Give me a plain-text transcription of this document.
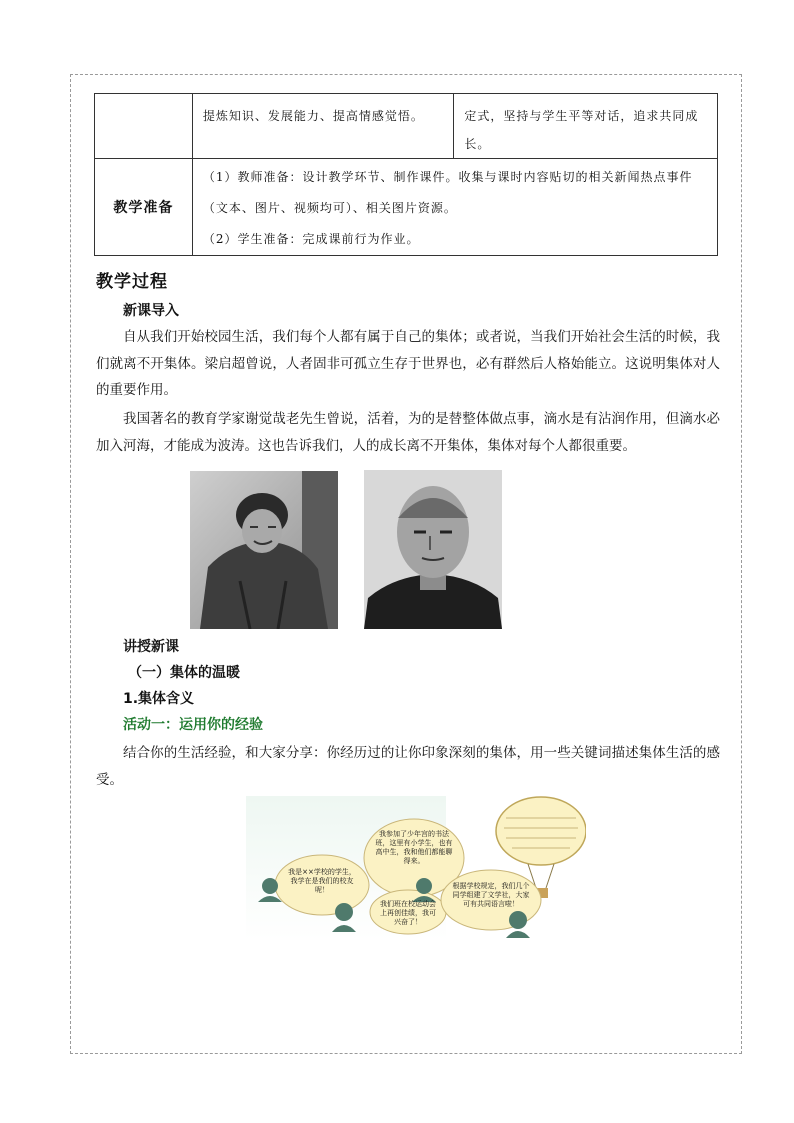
	提炼知识、发展能力、提高情感觉悟。	定式，坚持与学生平等对话，追求共同成长。

教学准备	（1）教师准备：设计教学环节、制作课件。收集与课时内容贴切的相关新闻热点事件（文本、图片、视频均可）、相关图片资源。
（2）学生准备：完成课前行为作业。	
教学过程
新课导入
自从我们开始校园生活，我们每个人都有属于自己的集体；或者说，当我们开始社会生活的时候，我们就离不开集体。梁启超曾说，人者固非可孤立生存于世界也，必有群然后人格始能立。这说明集体对人的重要作用。
我国著名的教育学家谢觉哉老先生曾说，活着，为的是替整体做点事，滴水是有沾润作用，但滴水必加入河海，才能成为波涛。这也告诉我们，人的成长离不开集体，集体对每个人都很重要。
讲授新课
（一）集体的温暖
1.集体含义
活动一：运用你的经验
结合你的生活经验，和大家分享：你经历过的让你印象深刻的集体，用一些关键词描述集体生活的感受。
我是××学校的学生，我学在是我们的校友呢！
我参加了少年宫的书法班，这里有小学生，也有高中生，我和他们都能聊得来。
我们班在校运动会上再创佳绩，我可兴奋了！
根据学校规定，我们几个同学组建了文学社，大家可有共同语言啦！
